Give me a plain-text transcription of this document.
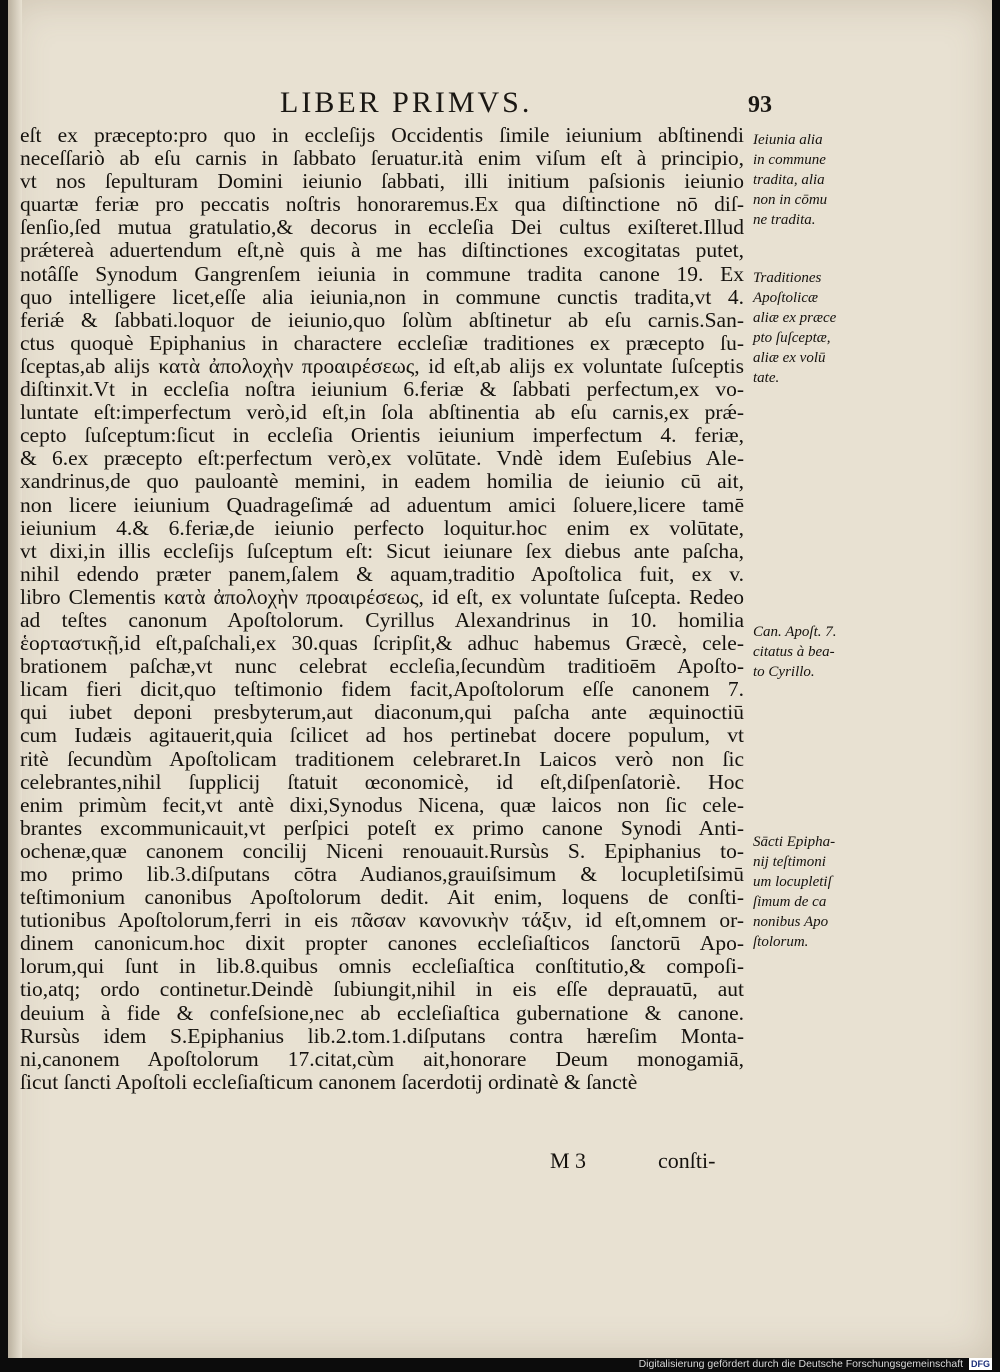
LIBER PRIMVS.	93
eſt ex præcepto:pro quo in eccleſijs Occidentis ſimile ieiunium abſtinendi
neceſſariò ab eſu carnis in ſabbato ſeruatur.ità enim viſum eſt à principio,
vt nos ſepulturam Domini ieiunio ſabbati, illi initium paſsionis ieiunio
quartæ feriæ pro peccatis noſtris honoraremus.Ex qua diſtinctione nō diſ-
ſenſio,ſed mutua gratulatio,& decorus in eccleſia Dei cultus exiſteret.Illud
prǽtereà aduertendum eſt,nè quis à me has diſtinctiones excogitatas putet,
notâſſe Synodum Gangrenſem ieiunia in commune tradita canone 19. Ex
quo intelligere licet,eſſe alia ieiunia,non in commune cunctis tradita,vt 4.
feriǽ & ſabbati.loquor de ieiunio,quo ſolùm abſtinetur ab eſu carnis.San-
ctus quoquè Epiphanius in charactere eccleſiæ traditiones ex præcepto ſu-
ſceptas,ab alijs κατὰ ἀπολοχὴν προαιρέσεως, id eſt,ab alijs ex voluntate ſuſceptis
diſtinxit.Vt in eccleſia noſtra ieiunium 6.feriæ & ſabbati perfectum,ex vo-
luntate eſt:imperfectum verò,id eſt,in ſola abſtinentia ab eſu carnis,ex prǽ-
cepto ſuſceptum:ſicut in eccleſia Orientis ieiunium imperfectum 4. feriæ,
& 6.ex præcepto eſt:perfectum verò,ex volūtate. Vndè idem Euſebius Ale-
xandrinus,de quo pauloantè memini, in eadem homilia de ieiunio cū ait,
non licere ieiunium Quadrageſimǽ ad aduentum amici ſoluere,licere tamē
ieiunium 4.& 6.feriæ,de ieiunio perfecto loquitur.hoc enim ex volūtate,
vt dixi,in illis eccleſijs ſuſceptum eſt: Sicut ieiunare ſex diebus ante paſcha,
nihil edendo præter panem,ſalem & aquam,traditio Apoſtolica fuit, ex v.
libro Clementis κατὰ ἀπολοχὴν προαιρέσεως, id eſt, ex voluntate ſuſcepta. Redeo
ad teſtes canonum Apoſtolorum. Cyrillus Alexandrinus in 10. homilia
ἑορταστικῇ,id eſt,paſchali,ex 30.quas ſcripſit,& adhuc habemus Græcè, cele-
brationem paſchæ,vt nunc celebrat eccleſia,ſecundùm traditioēm Apoſto-
licam fieri dicit,quo teſtimonio fidem facit,Apoſtolorum eſſe canonem 7.
qui iubet deponi presbyterum,aut diaconum,qui paſcha ante æquinoctiū
cum Iudæis agitauerit,quia ſcilicet ad hos pertinebat docere populum, vt
ritè ſecundùm Apoſtolicam traditionem celebraret.In Laicos verò non ſic
celebrantes,nihil ſupplicij ſtatuit œconomicè, id eſt,diſpenſatoriè. Hoc
enim primùm fecit,vt antè dixi,Synodus Nicena, quæ laicos non ſic cele-
brantes excommunicauit,vt perſpici poteſt ex primo canone Synodi Anti-
ochenæ,quæ canonem concilij Niceni renouauit.Rursùs S. Epiphanius to-
mo primo lib.3.diſputans cōtra Audianos,grauiſsimum & locupletiſsimū
teſtimonium canonibus Apoſtolorum dedit. Ait enim, loquens de conſti-
tutionibus Apoſtolorum,ferri in eis πᾶσαν κανονικὴν τάξιν, id eſt,omnem or-
dinem canonicum.hoc dixit propter canones eccleſiaſticos ſanctorū Apo-
lorum,qui ſunt in lib.8.quibus omnis eccleſiaſtica conſtitutio,& compoſi-
tio,atq; ordo continetur.Deindè ſubiungit,nihil in eis eſſe deprauatū, aut
deuium à fide & confeſsione,nec ab eccleſiaſtica gubernatione & canone.
Rursùs idem S.Epiphanius lib.2.tom.1.diſputans contra hæreſim Monta-
ni,canonem Apoſtolorum 17.citat,cùm ait,honorare Deum monogamiā,
ſicut ſancti Apoſtoli eccleſiaſticum canonem ſacerdotij ordinatè & ſanctè
Ieiunia alia
in commune
tradita, alia
non in cōmu
ne tradita.
Traditiones
Apoſtolicæ
aliæ ex præce
pto ſuſceptæ,
aliæ ex volū
tate.
Can. Apoſt. 7.
citatus à bea-
to Cyrillo.
Sācti Epipha-
nij teſtimoni
um locupletiſ
ſimum de ca
nonibus Apo
ſtolorum.
M 3	conſti-
Digitalisierung gefördert durch die Deutsche Forschungsgemeinschaft DFG
